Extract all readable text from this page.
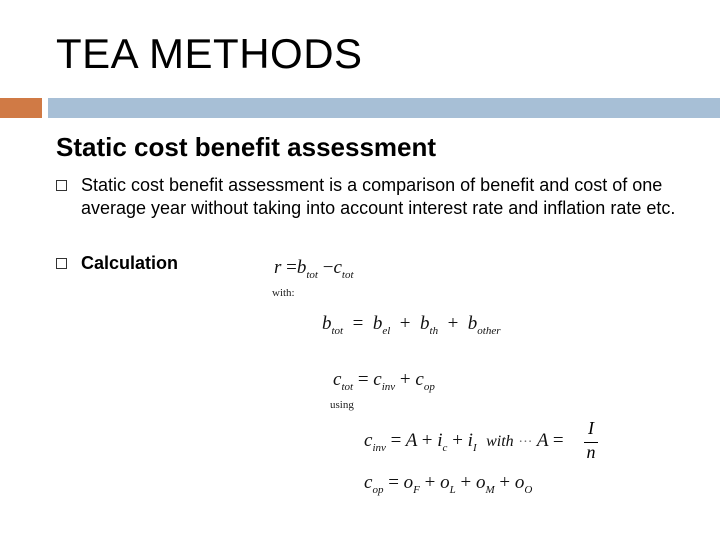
TEA METHODS
Static cost benefit assessment
Static cost benefit assessment is a comparison of benefit and cost of one average year without taking into account interest rate and inflation rate etc.
Calculation	$r =b_{tot} -c_{tot}$
with:
$b_{tot} = b_{el} + b_{th} + b_{other}$
$c_{tot} = c_{inv} + c_{op}$
using
$c_{inv} = A + i_c + i_I$ with ··· A =
I
n
$c_{op} = o_F + o_L + o_M + o_O$
